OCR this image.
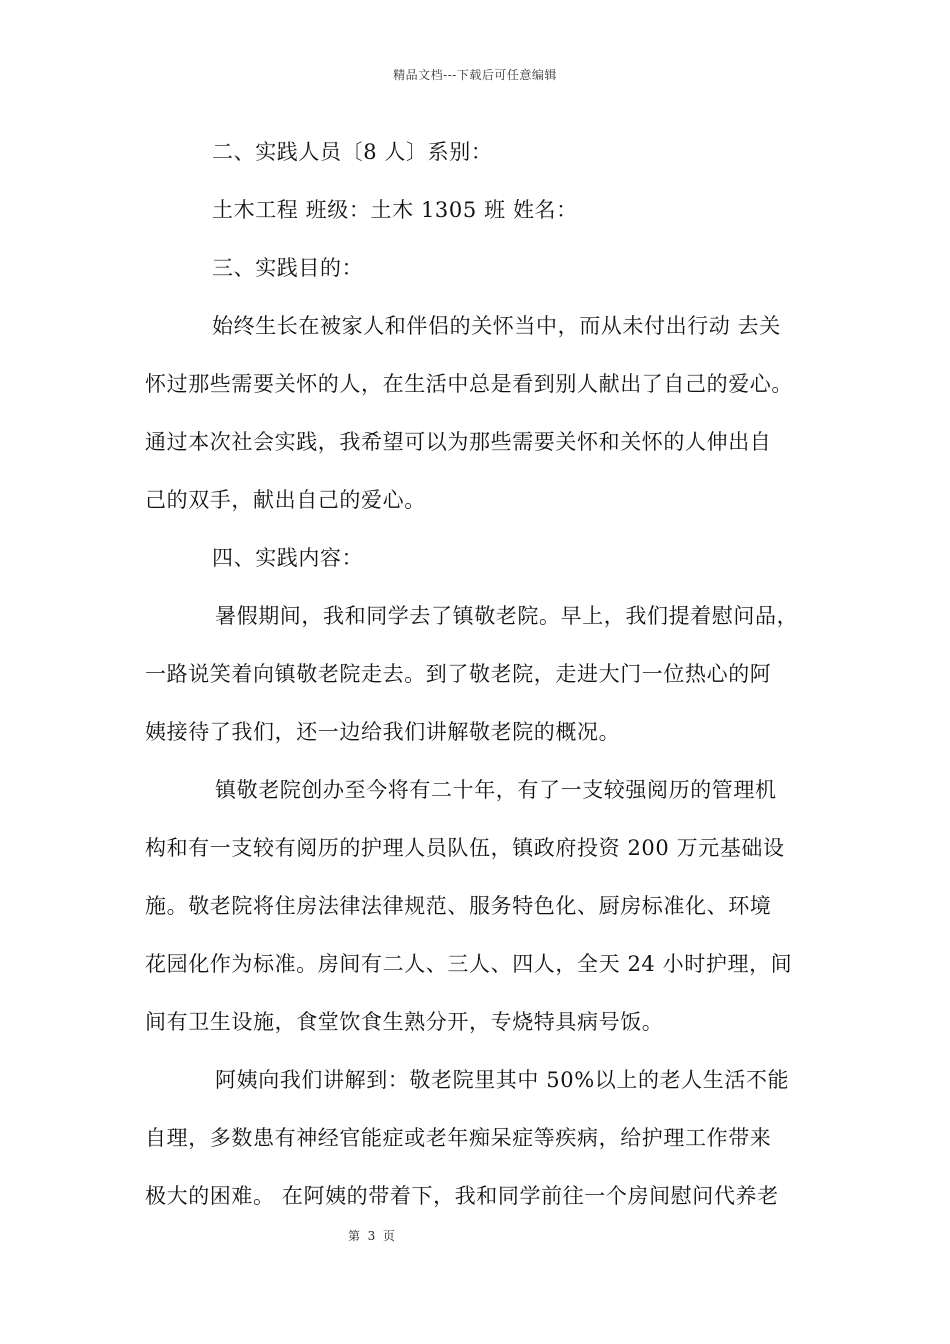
精品文档---下载后可任意编辑
二、实践人员〔8 人〕系别：
土木工程 班级：土木 1305 班 姓名：
三、实践目的：
始终生长在被家人和伴侣的关怀当中，而从未付出行动 去关
怀过那些需要关怀的人，在生活中总是看到别人献出了自己的爱心。
通过本次社会实践，我希望可以为那些需要关怀和关怀的人伸出自
己的双手，献出自己的爱心。
四、实践内容：
暑假期间，我和同学去了镇敬老院。早上，我们提着慰问品，
一路说笑着向镇敬老院走去。到了敬老院，走进大门一位热心的阿
姨接待了我们，还一边给我们讲解敬老院的概况。
镇敬老院创办至今将有二十年，有了一支较强阅历的管理机
构和有一支较有阅历的护理人员队伍，镇政府投资 200 万元基础设
施。敬老院将住房法律法律规范、服务特色化、厨房标准化、环境
花园化作为标准。房间有二人、三人、四人，全天 24 小时护理，间
间有卫生设施，食堂饮食生熟分开，专烧特具病号饭。
阿姨向我们讲解到：敬老院里其中 50%以上的老人生活不能
自理，多数患有神经官能症或老年痴呆症等疾病，给护理工作带来
极大的困难。 在阿姨的带着下，我和同学前往一个房间慰问代养老
第  3  页
